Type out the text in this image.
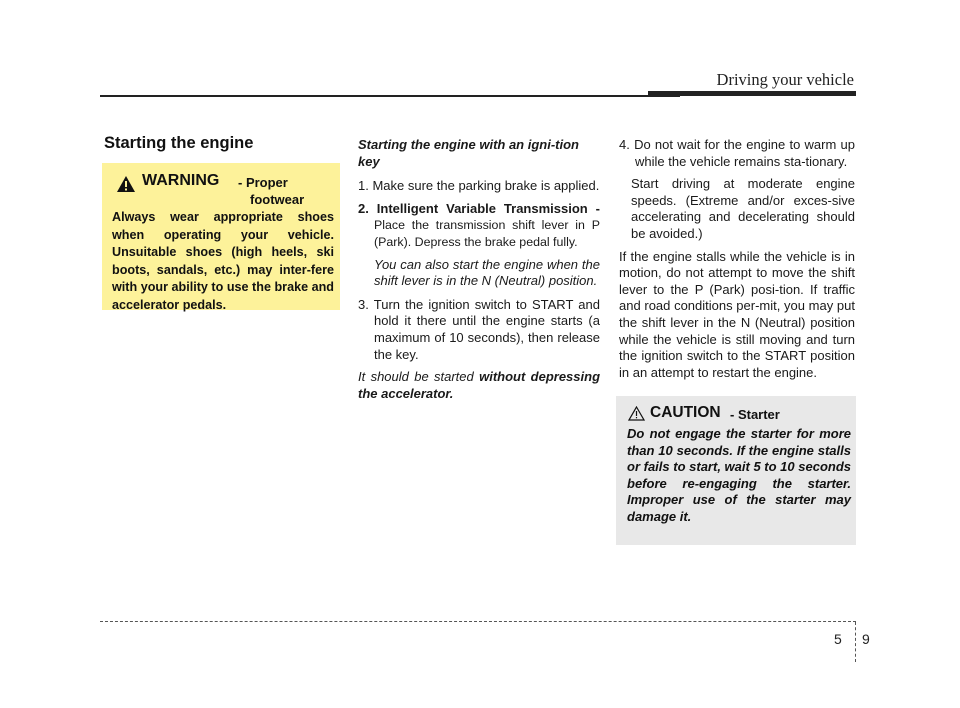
Driving your vehicle
Starting the engine
WARNING - Proper
footwear
Always wear appropriate shoes when operating your vehicle. Unsuitable shoes (high heels, ski boots, sandals, etc.) may inter-fere with your ability to use the brake and accelerator pedals.

Starting the engine with an igni-tion key

1. Make sure the parking brake is applied.

2. Intelligent Variable Transmission -

Place the transmission shift lever in P (Park). Depress the brake pedal fully.

You can also start the engine when the shift lever is in the N (Neutral) position.

3. Turn the ignition switch to START and hold it there until the engine starts (a maximum of 10 seconds), then release the key.

It should be started without depressing the accelerator.

4. Do not wait for the engine to warm up while the vehicle remains sta-tionary.

Start driving at moderate engine speeds. (Extreme and/or exces-sive accelerating and decelerating should be avoided.)

If the engine stalls while the vehicle is in motion, do not attempt to move the shift lever to the P (Park) posi-tion. If traffic and road conditions per-mit, you may put the shift lever in the N (Neutral) position while the vehicle is still moving and turn the ignition switch to the START position in an attempt to restart the engine.

CAUTION - Starter
Do not engage the starter for more than 10 seconds. If the engine stalls or fails to start, wait 5 to 10 seconds before re-engaging the starter. Improper use of the starter may damage it.
5 9
